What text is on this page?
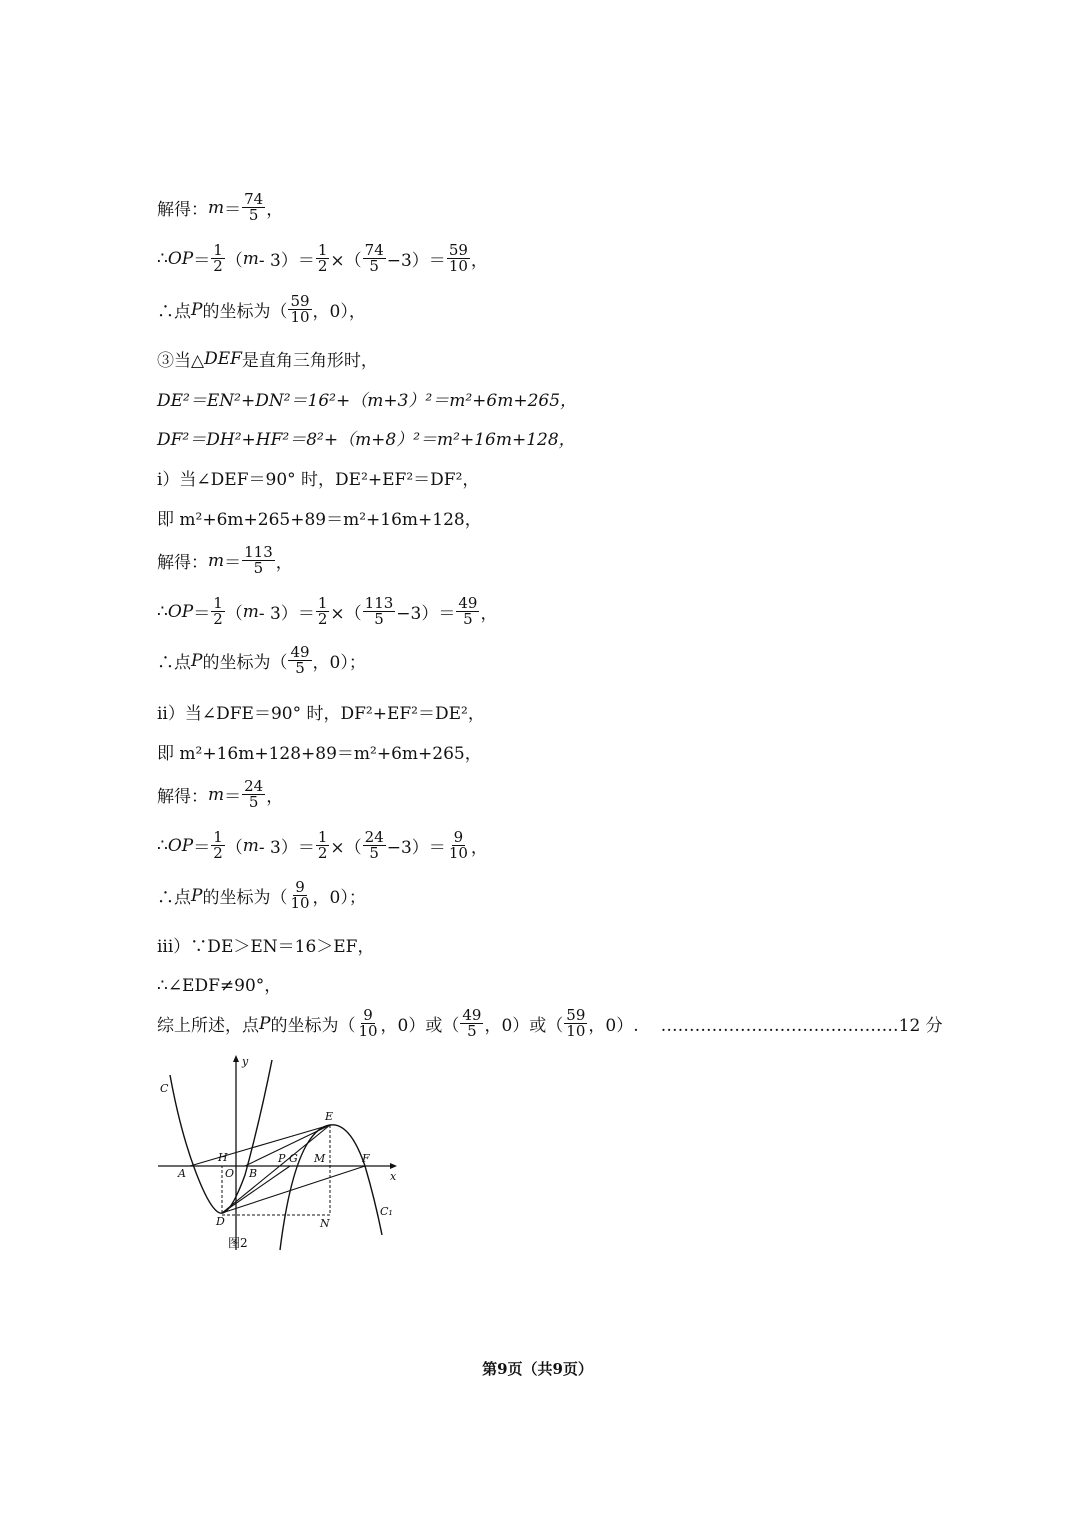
解得： $m = \frac{74}{5}$ ，
∴ OP ＝ $\frac{1}{2}$ （ $m - 3)= \frac{1}{2}$ ×（ $\frac{74}{5} -3)= \frac{59}{10}$ ，
∴点 P 的坐标为（ $\frac{59}{10}$ ，0），
③当△ DEF 是直角三角形时，
DE²＝EN²+DN²＝16²+（m+3）²＝m²+6m+265，
DF²＝DH²+HF²＝8²+（m+8）²＝m²+16m+128，
i）当∠DEF＝90° 时，DE²+EF²＝DF²，
即 m²+6m+265+89＝m²+16m+128，
解得： $m = \frac{113}{5}$ ，
∴ OP ＝ $\frac{1}{2}$ （ $m - 3)= \frac{1}{2}$ ×（ $\frac{113}{5} -3)= \frac{49}{5}$ ，
∴点 P 的坐标为（ $\frac{49}{5}$ ，0）；
ii）当∠DFE＝90° 时，DF²+EF²＝DE²，
即 m²+16m+128+89＝m²+6m+265，
解得： $m = \frac{24}{5}$ ，
∴ OP ＝ $\frac{1}{2}$ （ $m - 3)= \frac{1}{2}$ ×（ $\frac{24}{5} -3)= \frac{9}{10}$ ，
∴点 P 的坐标为（ $\frac{9}{10}$ ，0）；
iii）∵DE＞EN＝16＞EF，
∴∠EDF≠90°，
综上所述，点 P 的坐标为（ $\frac{9}{10}$ ，0）或（ $\frac{49}{5}$ ，0）或（ $\frac{59}{10}$ ，0）. ……………………………………12 分
y
x
C
C₁
E
A
H
O B
P G M	F
D	N
图2
第9页（共9页）
